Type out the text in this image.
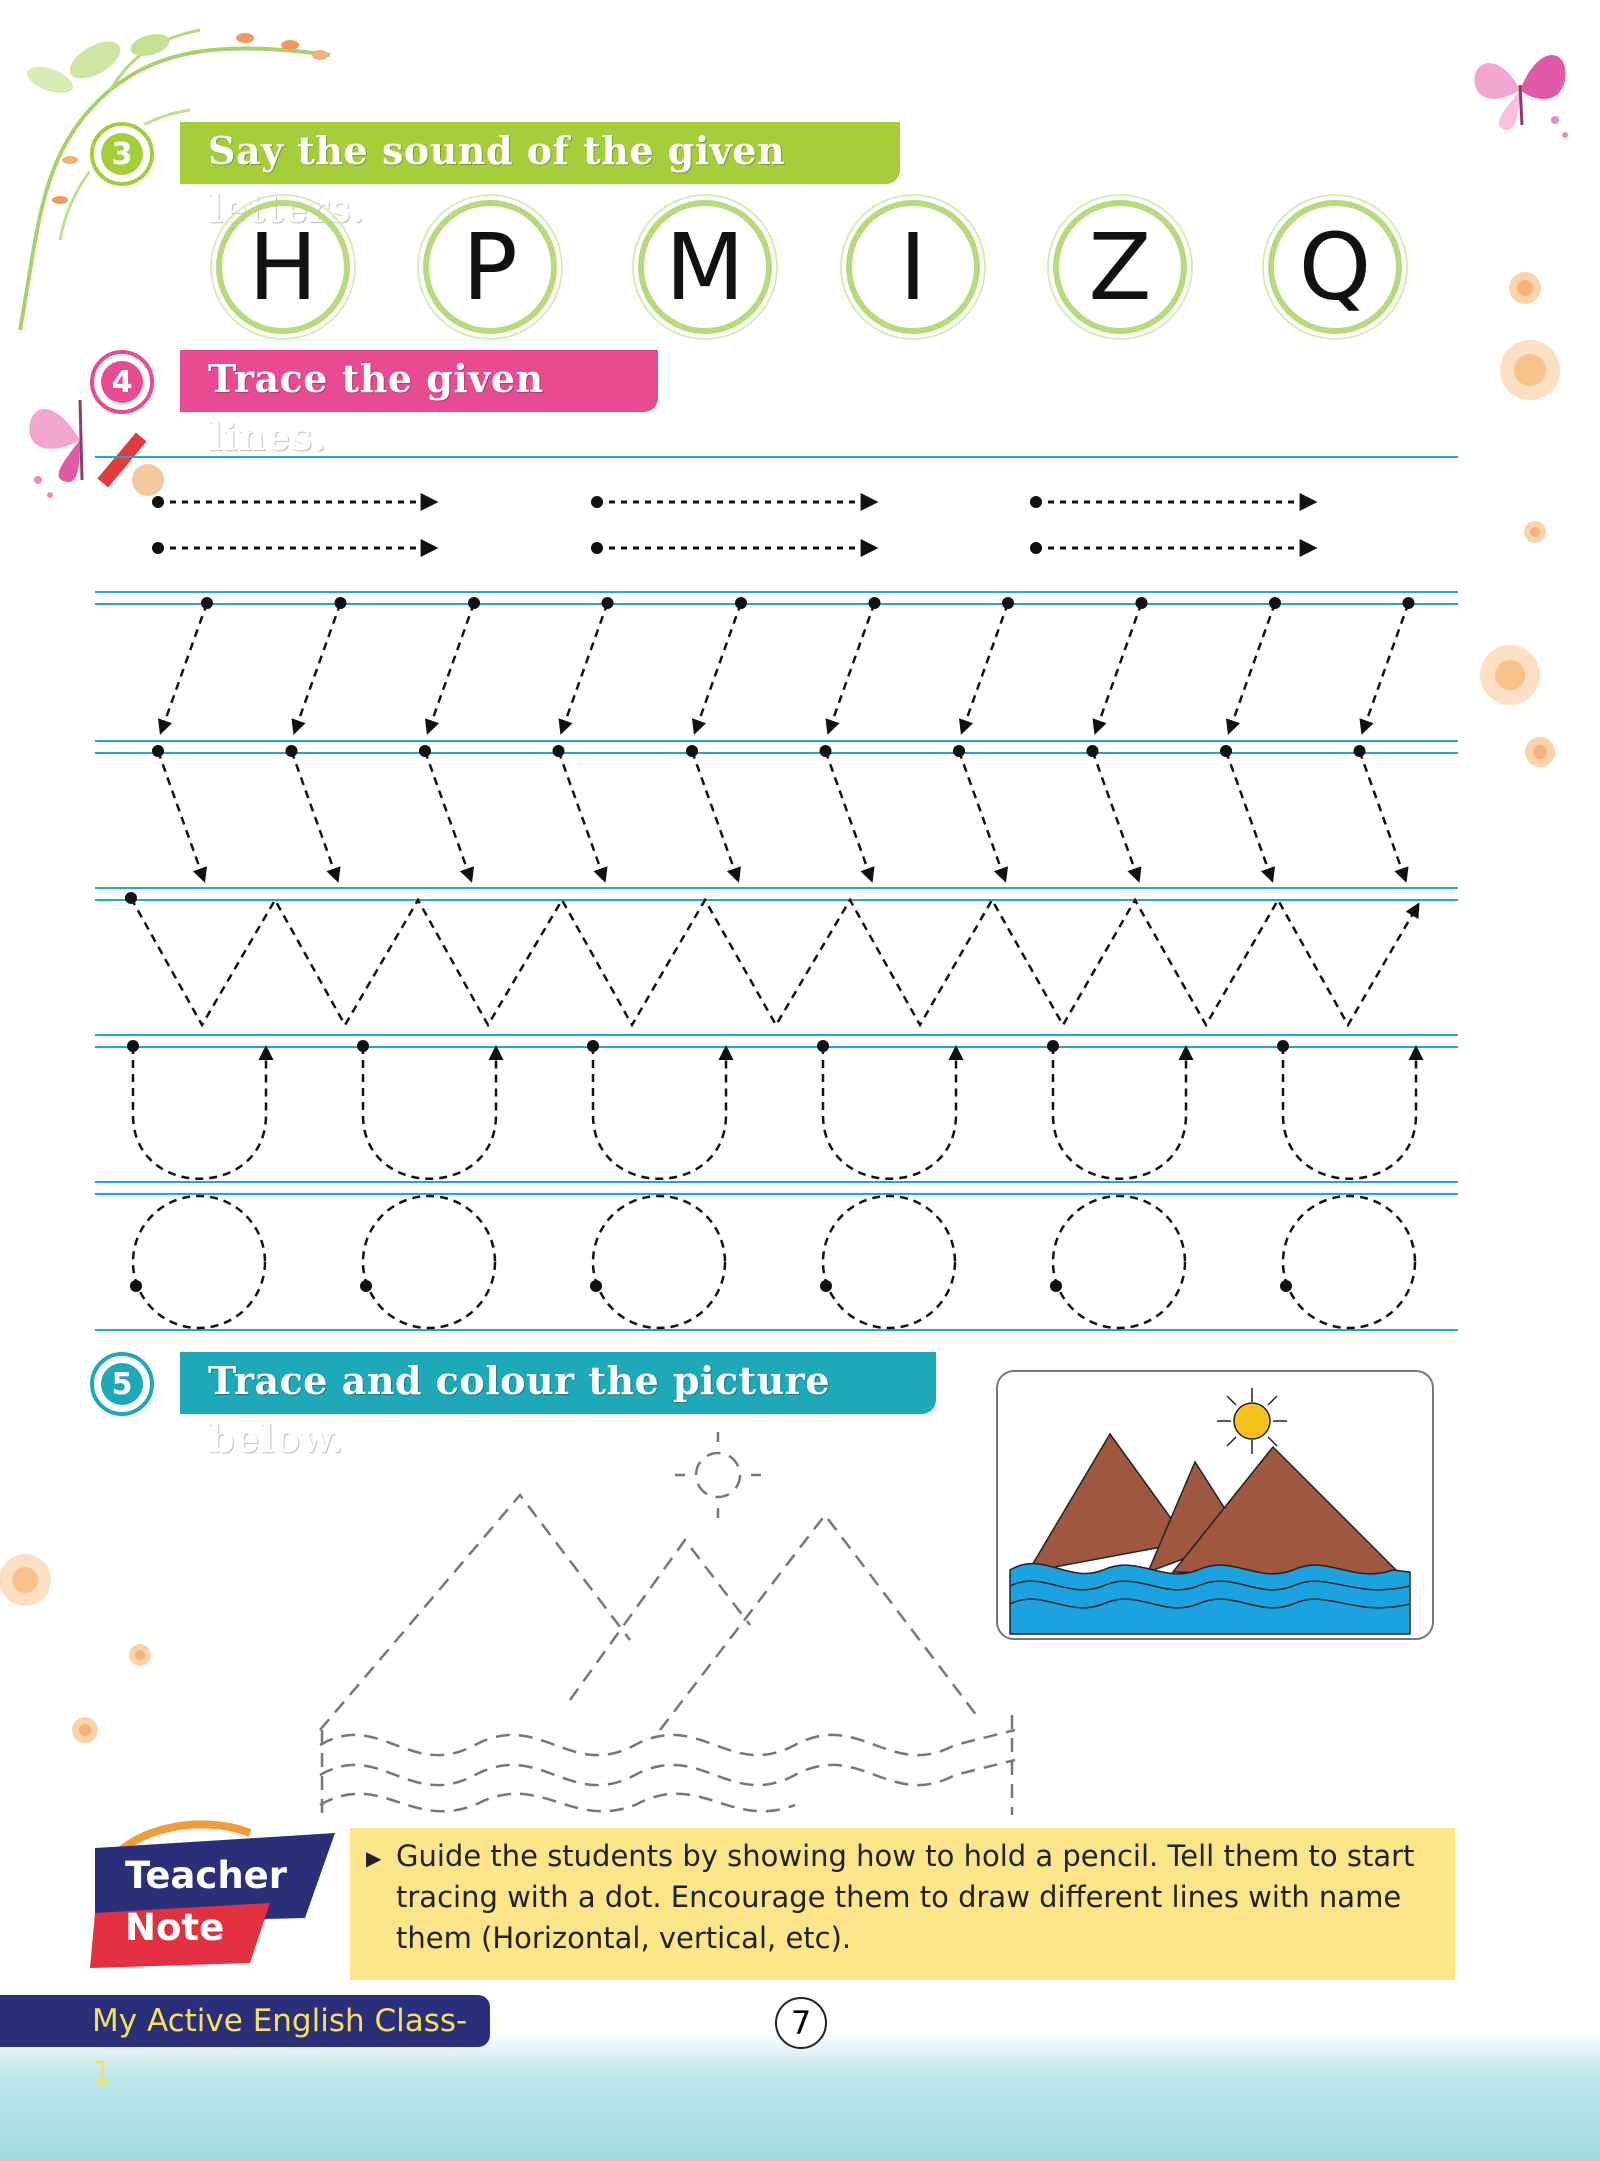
3	Say the sound of the given letters.
H	P	M	I	Z	Q
4	Trace the given lines.
5	Trace and colour the picture below.
Teacher
Note
▶ Guide the students by showing how to hold a pencil. Tell them to start tracing with a dot. Encourage them to draw different lines with name them (Horizontal, vertical, etc).
My Active English Class- 1
7
